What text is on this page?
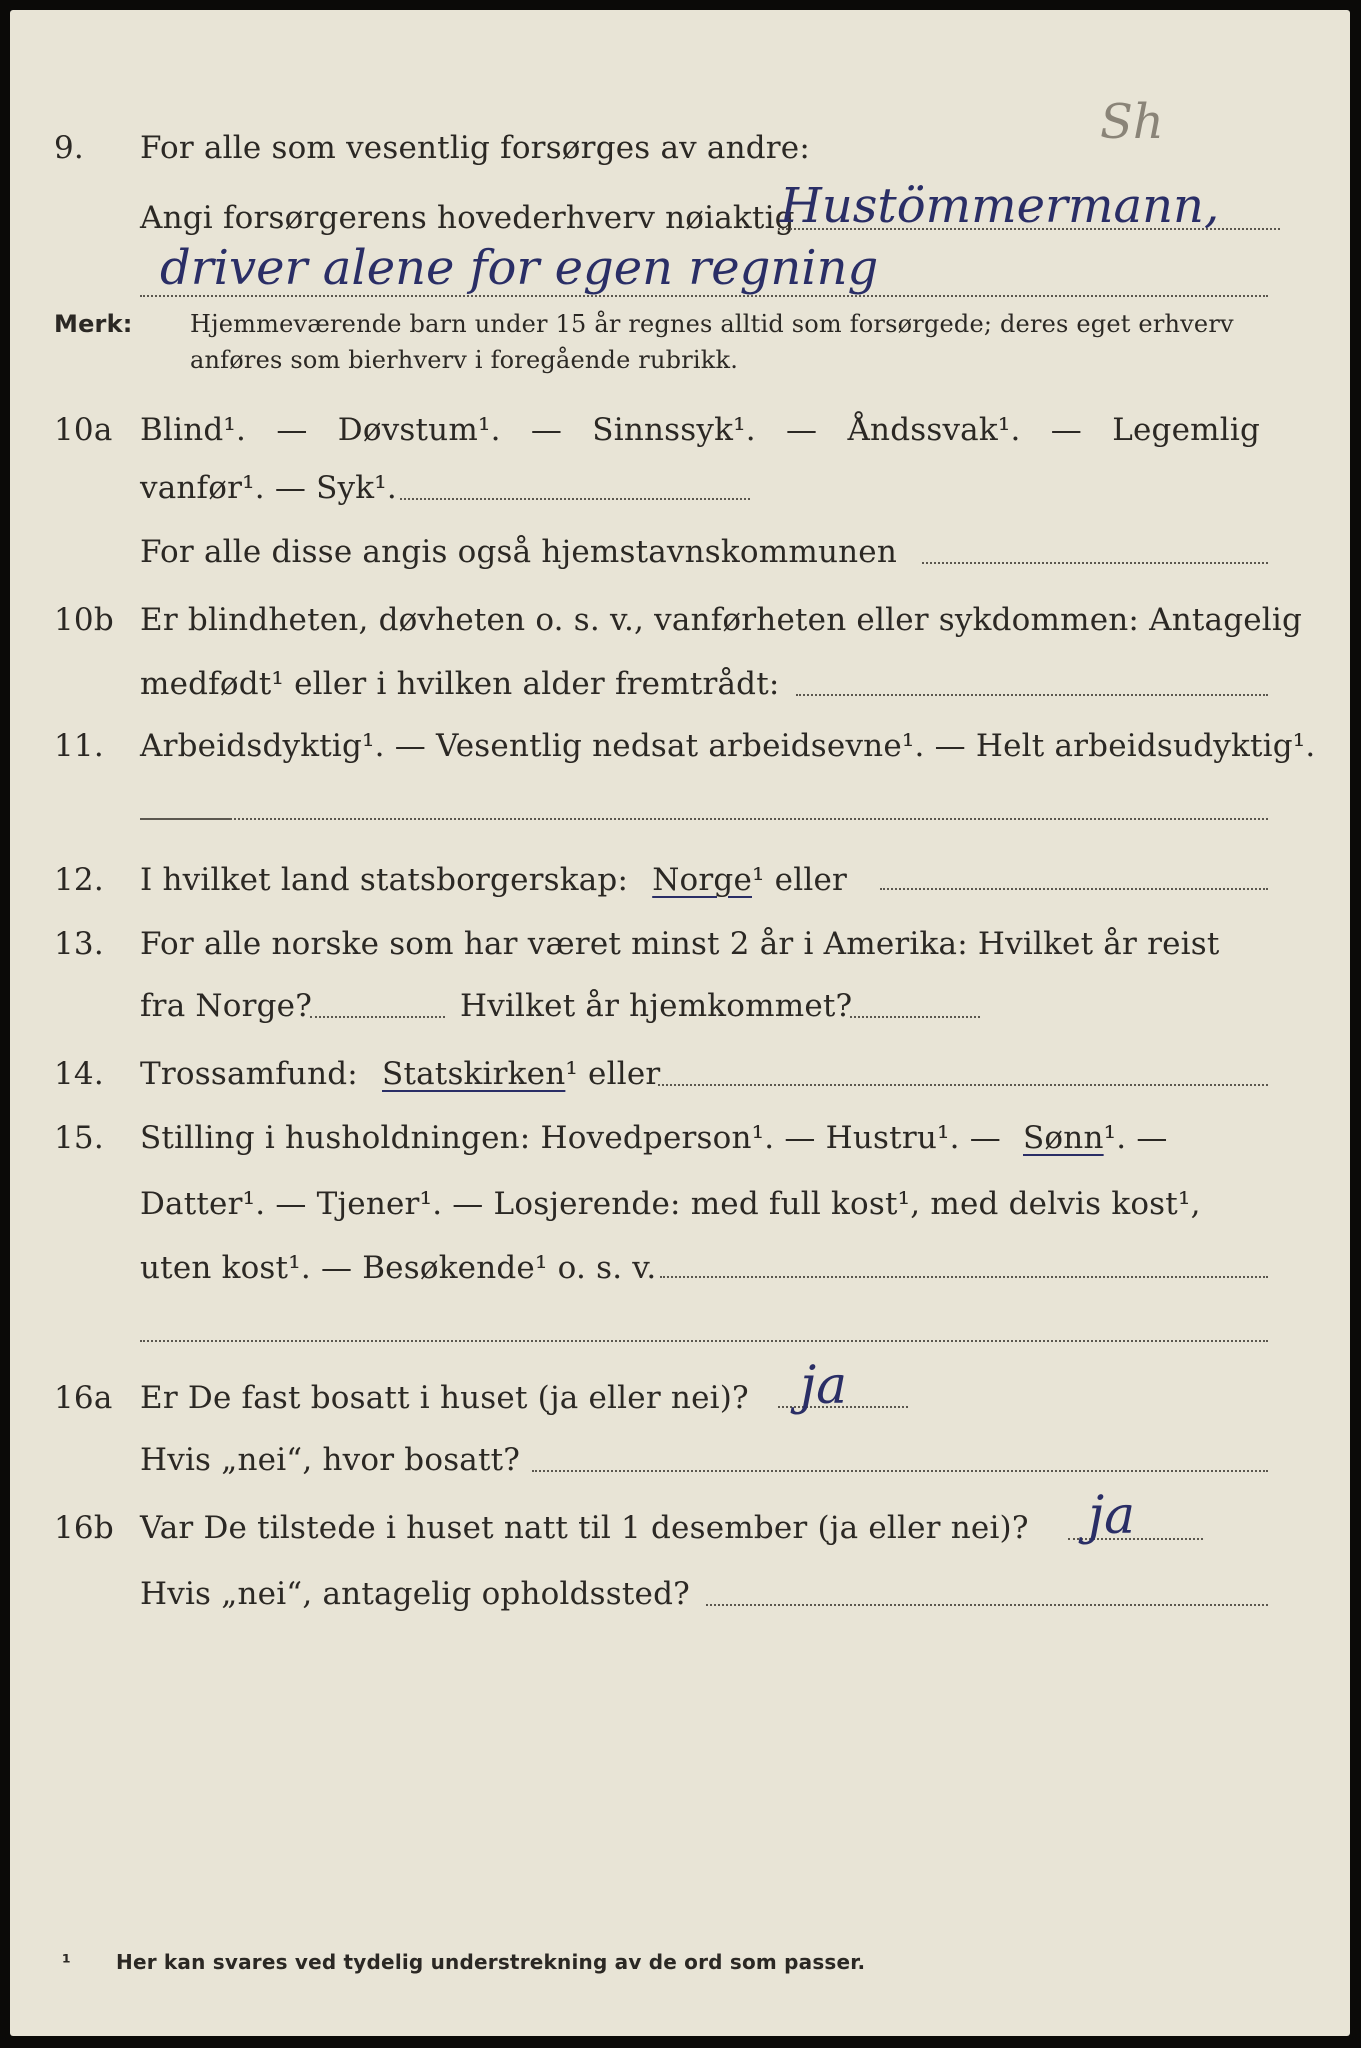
Sh
9. For alle som vesentlig forsørges av andre:
Angi forsørgerens hovederhverv nøiaktig
Hustömmermann,
driver alene for egen regning
Merk: Hjemmeværende barn under 15 år regnes alltid som forsørgede; deres eget erhverv
anføres som bierhverv i foregående rubrikk.
10a Blind¹. — Døvstum¹. — Sinnssyk¹. — Åndssvak¹. — Legemlig
vanfør¹. — Syk¹.
For alle disse angis også hjemstavnskommunen
10b Er blindheten, døvheten o. s. v., vanførheten eller sykdommen: Antagelig
medfødt¹ eller i hvilken alder fremtrådt:
11. Arbeidsdyktig¹. — Vesentlig nedsat arbeidsevne¹. — Helt arbeidsudyktig¹.
12. I hvilket land statsborgerskap: Norge¹ eller
13. For alle norske som har været minst 2 år i Amerika: Hvilket år reist
fra Norge?	Hvilket år hjemkommet?
14. Trossamfund: Statskirken¹ eller
15. Stilling i husholdningen: Hovedperson¹. — Hustru¹. — Sønn¹. —
Datter¹. — Tjener¹. — Losjerende: med full kost¹, med delvis kost¹,
uten kost¹. — Besøkende¹ o. s. v.
16a Er De fast bosatt i huset (ja eller nei)? ja
Hvis „nei“, hvor bosatt?
16b Var De tilstede i huset natt til 1 desember (ja eller nei)? ja
Hvis „nei“, antagelig opholdssted?
¹ Her kan svares ved tydelig understrekning av de ord som passer.
